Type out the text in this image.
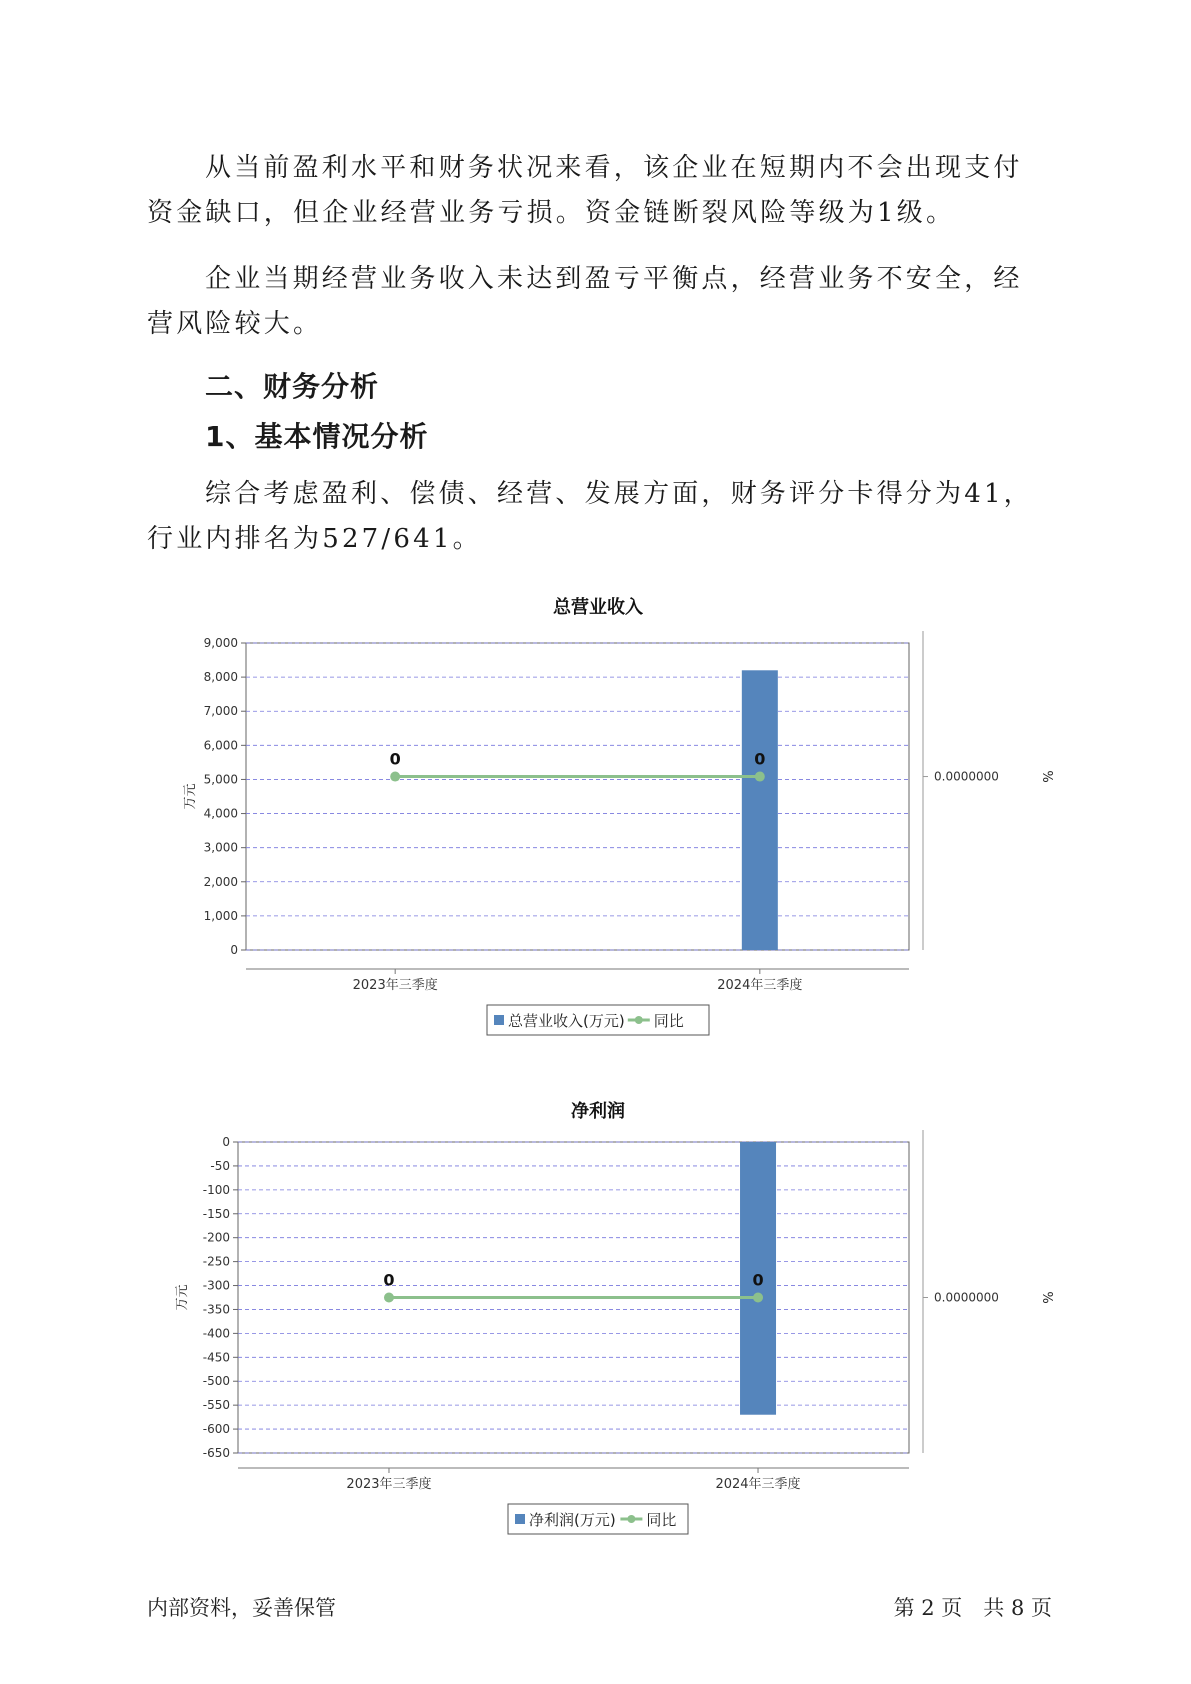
从当前盈利水平和财务状况来看，该企业在短期内不会出现支付资金缺口，但企业经营业务亏损。资金链断裂风险等级为1级。

企业当期经营业务收入未达到盈亏平衡点，经营业务不安全，经营风险较大。

二、财务分析
1、基本情况分析

综合考虑盈利、偿债、经营、发展方面，财务评分卡得分为41，行业内排名为527/641。

总营业收入
9,000
8,000
7,000
6,000
5,000
4,000
3,000
2,000
1,000
0
万元
0.0000000	%
2023年三季度	2024年三季度
0	0
总营业收入(万元) 同比
净利润
0
-50
-100
-150
-200
-250
-300
-350
-400
-450
-500
-550
-600
-650
万元	0.0000000	%
2023年三季度	2024年三季度
0	0
净利润(万元) 同比
内部资料，妥善保管	第 2 页　共 8 页
